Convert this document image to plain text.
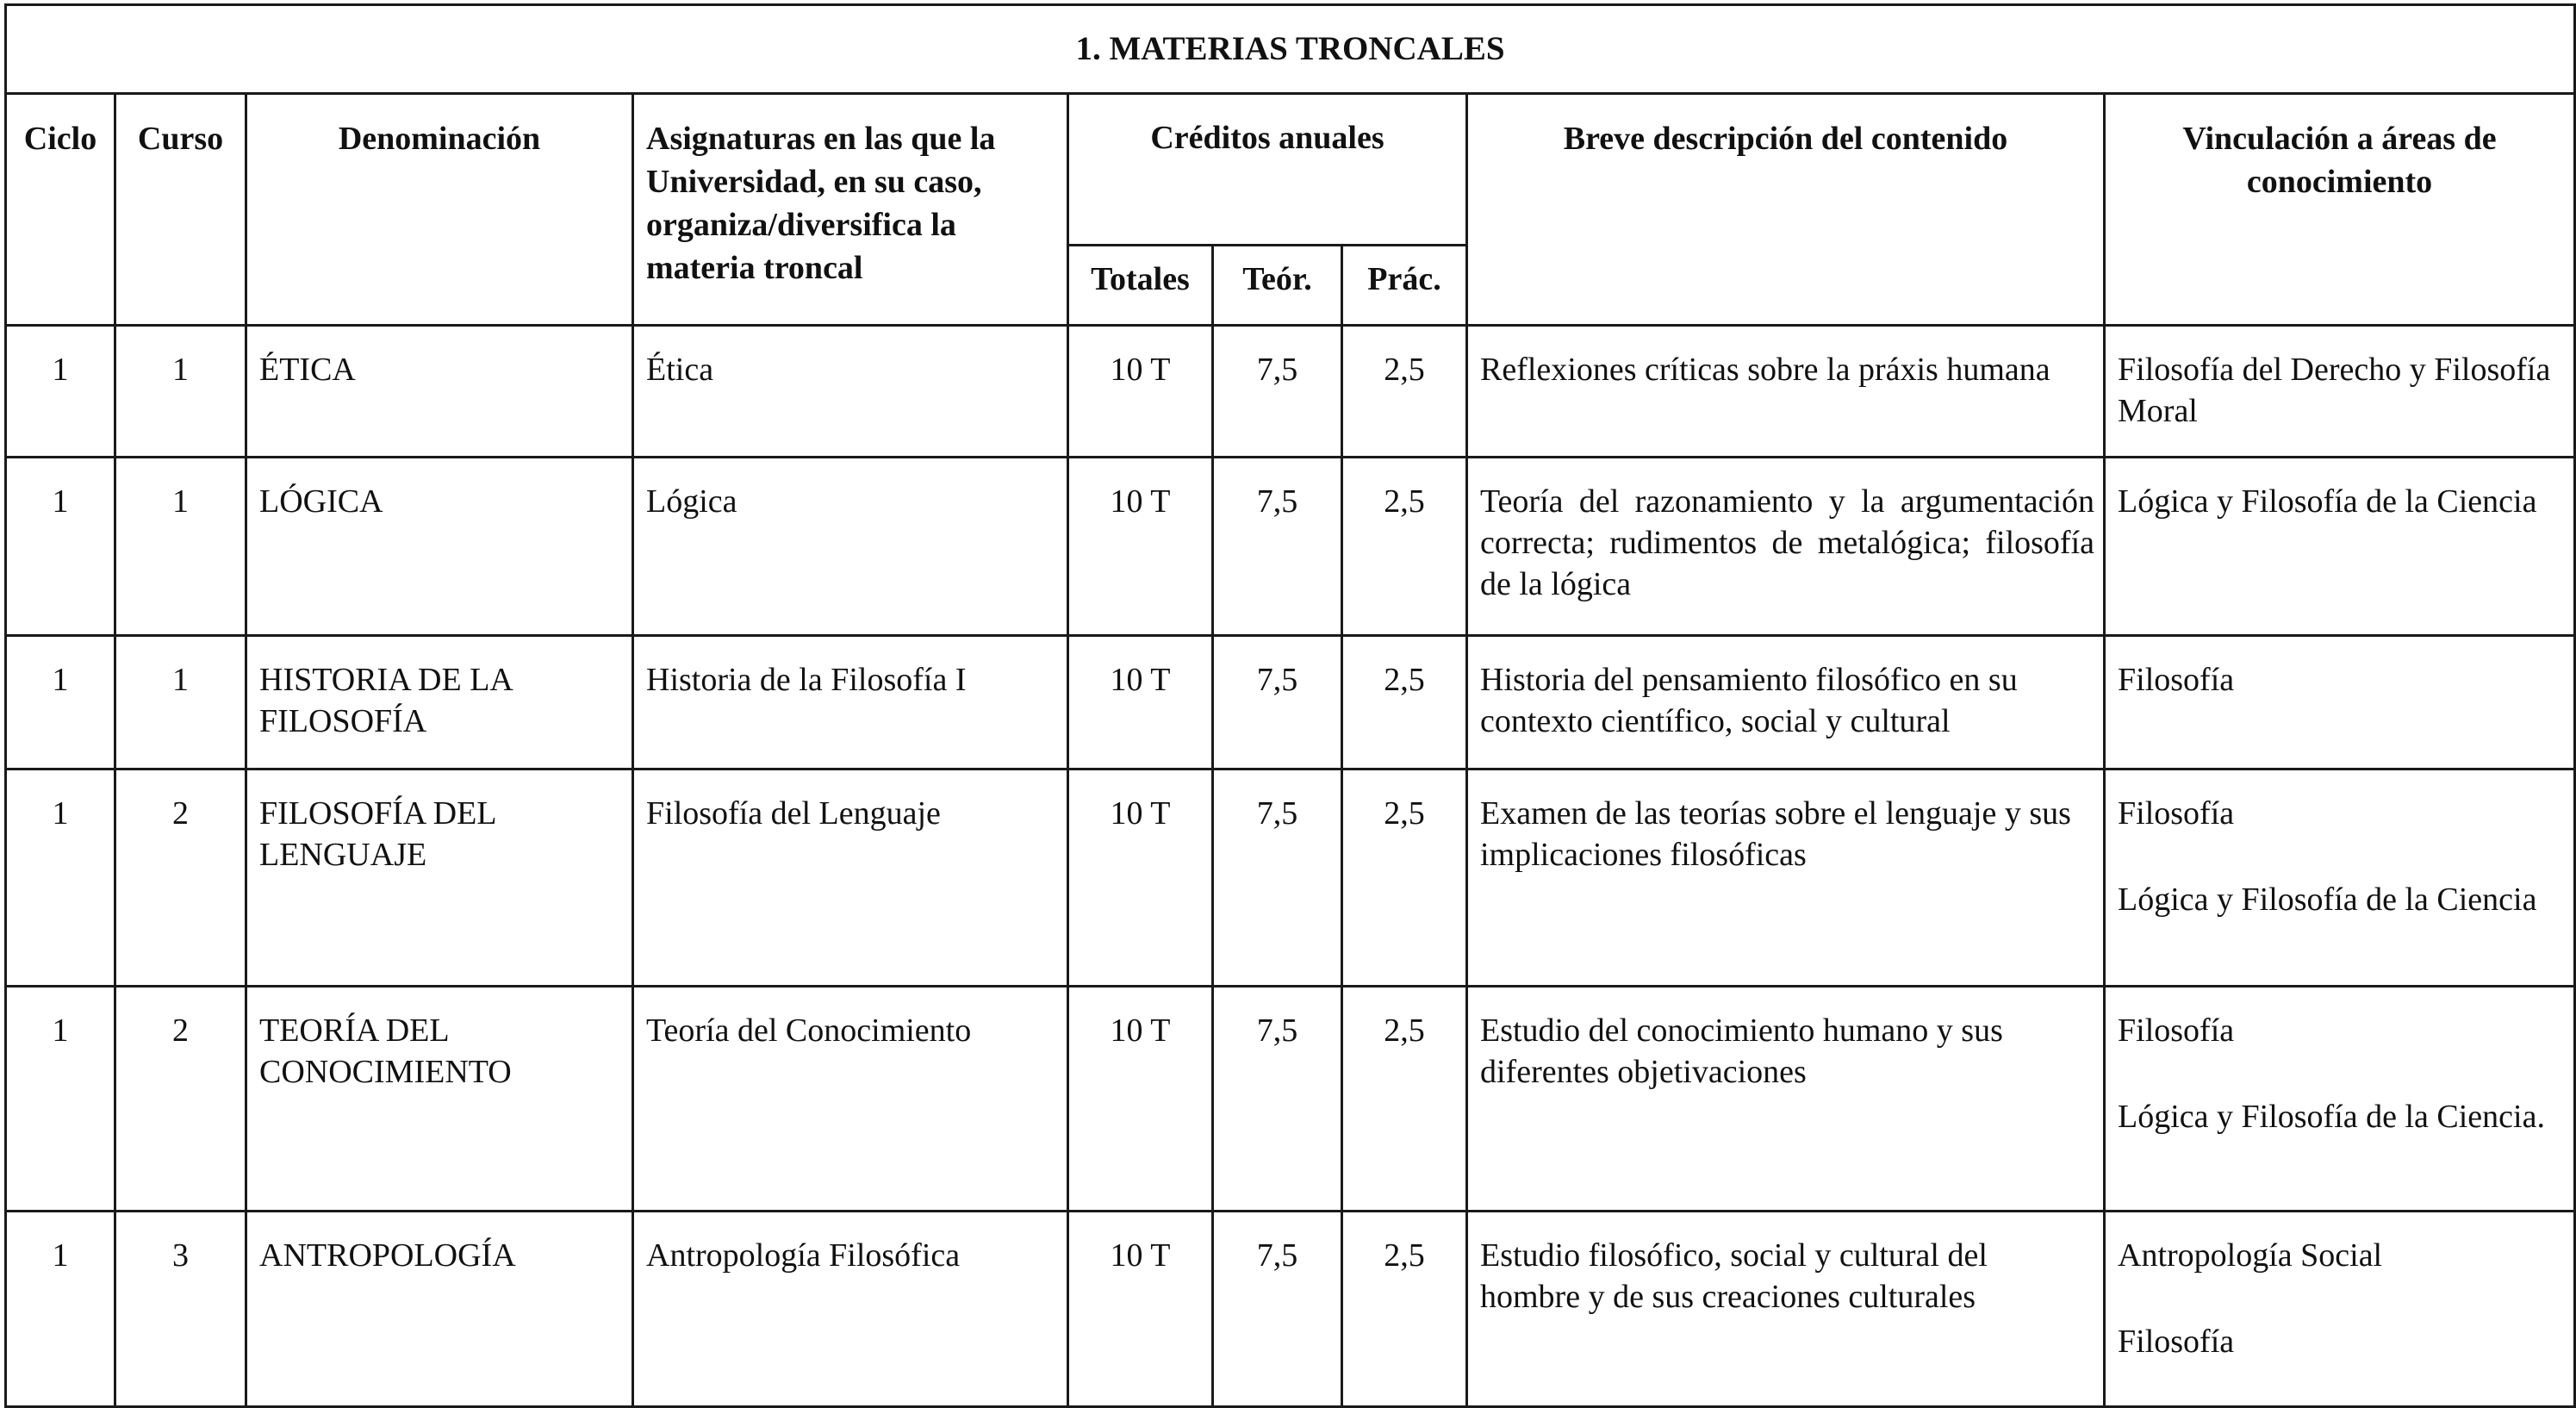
1. MATERIAS TRONCALES								
Ciclo	Curso	Denominación	Asignaturas en las que la Universidad, en su caso, organiza/diversifica la materia troncal	Créditos anuales			Breve descripción del contenido	Vinculación a áreas de conocimiento
				Totales	Teór.	Prác.		
1	1	ÉTICA	Ética	10 T	7,5	2,5	Reflexiones críticas sobre la práxis humana	Filosofía del Derecho y Filosofía Moral

1	1	LÓGICA	Lógica	10 T	7,5	2,5	Teoría del razonamiento y la argumentación correcta; rudimentos de metalógica; filosofía de la lógica	Lógica y Filosofía de la Ciencia

1	1	HISTORIA DE LA FILOSOFÍA	Historia de la Filosofía I	10 T	7,5	2,5	Historia del pensamiento filosófico en su contexto científico, social y cultural	Filosofía

1	2	FILOSOFÍA DEL LENGUAJE	Filosofía del Lenguaje	10 T	7,5	2,5	Examen de las teorías sobre el lenguaje y sus implicaciones filosóficas	Filosofía
Lógica y Filosofía de la Ciencia

1	2	TEORÍA DEL CONOCIMIENTO	Teoría del Conocimiento	10 T	7,5	2,5	Estudio del conocimiento humano y sus diferentes objetivaciones	Filosofía
Lógica y Filosofía de la Ciencia.

1	3	ANTROPOLOGÍA	Antropología Filosófica	10 T	7,5	2,5	Estudio filosófico, social y cultural del hombre y de sus creaciones culturales	Antropología Social
Filosofía
